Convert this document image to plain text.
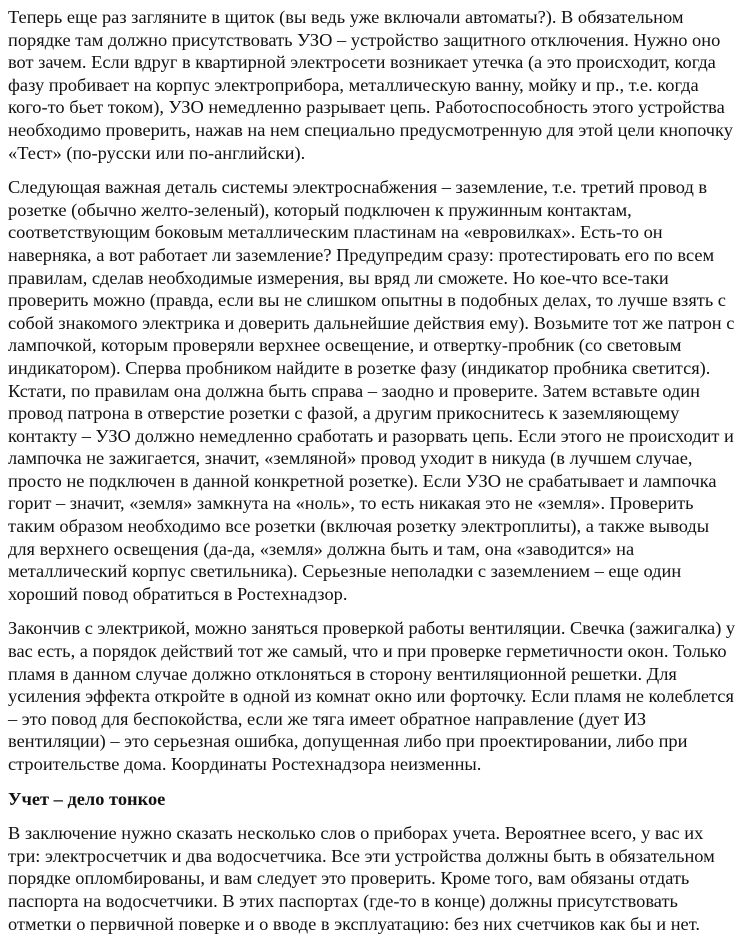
Теперь еще раз загляните в щиток (вы ведь уже включали автоматы?). В обязательном порядке там должно присутствовать УЗО – устройство защитного отключения. Нужно оно вот зачем. Если вдруг в квартирной электросети возникает утечка (а это происходит, когда фазу пробивает на корпус электроприбора, металлическую ванну, мойку и пр., т.е. когда кого-то бьет током), УЗО немедленно разрывает цепь. Работоспособность этого устройства необходимо проверить, нажав на нем специально предусмотренную для этой цели кнопочку «Тест» (по-русски или по-английски).

Следующая важная деталь системы электроснабжения – заземление, т.е. третий провод в розетке (обычно желто-зеленый), который подключен к пружинным контактам, соответствующим боковым металлическим пластинам на «евровилках». Есть-то он наверняка, а вот работает ли заземление? Предупредим сразу: протестировать его по всем правилам, сделав необходимые измерения, вы вряд ли сможете. Но кое-что все-таки проверить можно (правда, если вы не слишком опытны в подобных делах, то лучше взять с собой знакомого электрика и доверить дальнейшие действия ему). Возьмите тот же патрон с лампочкой, которым проверяли верхнее освещение, и отвертку-пробник (со световым индикатором). Сперва пробником найдите в розетке фазу (индикатор пробника светится). Кстати, по правилам она должна быть справа – заодно и проверите. Затем вставьте один провод патрона в отверстие розетки с фазой, а другим прикоснитесь к заземляющему контакту – УЗО должно немедленно сработать и разорвать цепь. Если этого не происходит и лампочка не зажигается, значит, «земляной» провод уходит в никуда (в лучшем случае, просто не подключен в данной конкретной розетке). Если УЗО не срабатывает и лампочка горит – значит, «земля» замкнута на «ноль», то есть никакая это не «земля». Проверить таким образом необходимо все розетки (включая розетку электроплиты), а также выводы для верхнего освещения (да-да, «земля» должна быть и там, она «заводится» на металлический корпус светильника). Серьезные неполадки с заземлением – еще один хороший повод обратиться в Ростехнадзор.

Закончив с электрикой, можно заняться проверкой работы вентиляции. Свечка (зажигалка) у вас есть, а порядок действий тот же самый, что и при проверке герметичности окон. Только пламя в данном случае должно отклоняться в сторону вентиляционной решетки. Для усиления эффекта откройте в одной из комнат окно или форточку. Если пламя не колеблется – это повод для беспокойства, если же тяга имеет обратное направление (дует ИЗ вентиляции) – это серьезная ошибка, допущенная либо при проектировании, либо при строительстве дома. Координаты Ростехнадзора неизменны.

Учет – дело тонкое

В заключение нужно сказать несколько слов о приборах учета. Вероятнее всего, у вас их три: электросчетчик и два водосчетчика. Все эти устройства должны быть в обязательном порядке опломбированы, и вам следует это проверить. Кроме того, вам обязаны отдать паспорта на водосчетчики. В этих паспортах (где-то в конце) должны присутствовать отметки о первичной поверке и о вводе в эксплуатацию: без них счетчиков как бы и нет.
